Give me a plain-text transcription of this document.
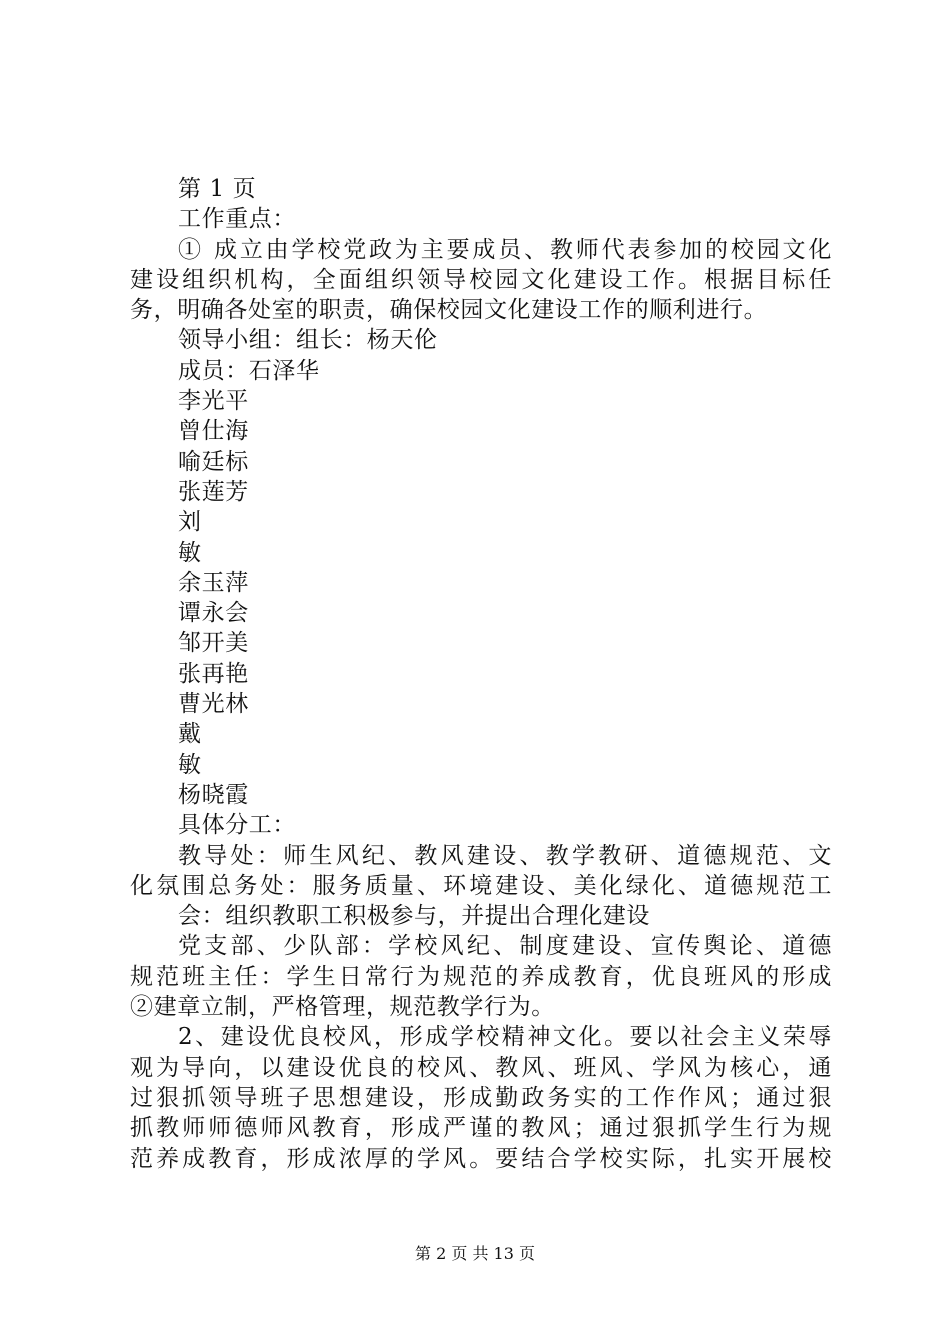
第 1 页
工作重点：
① 成立由学校党政为主要成员、教师代表参加的校园文化
建设组织机构，全面组织领导校园文化建设工作。根据目标任
务，明确各处室的职责，确保校园文化建设工作的顺利进行。
领导小组：组长：杨天伦
成员：石泽华
李光平
曾仕海
喻廷标
张莲芳
刘
敏
余玉萍
谭永会
邹开美
张再艳
曹光林
戴
敏
杨晓霞
具体分工：
教导处：师生风纪、教风建设、教学教研、道德规范、文
化氛围总务处：服务质量、环境建设、美化绿化、道德规范工
会：组织教职工积极参与，并提出合理化建设
党支部、少队部：学校风纪、制度建设、宣传舆论、道德
规范班主任：学生日常行为规范的养成教育，优良班风的形成
②建章立制，严格管理，规范教学行为。
2、建设优良校风，形成学校精神文化。要以社会主义荣辱
观为导向，以建设优良的校风、教风、班风、学风为核心，通
过狠抓领导班子思想建设，形成勤政务实的工作作风；通过狠
抓教师师德师风教育，形成严谨的教风；通过狠抓学生行为规
范养成教育，形成浓厚的学风。要结合学校实际，扎实开展校
第 2 页 共 13 页
